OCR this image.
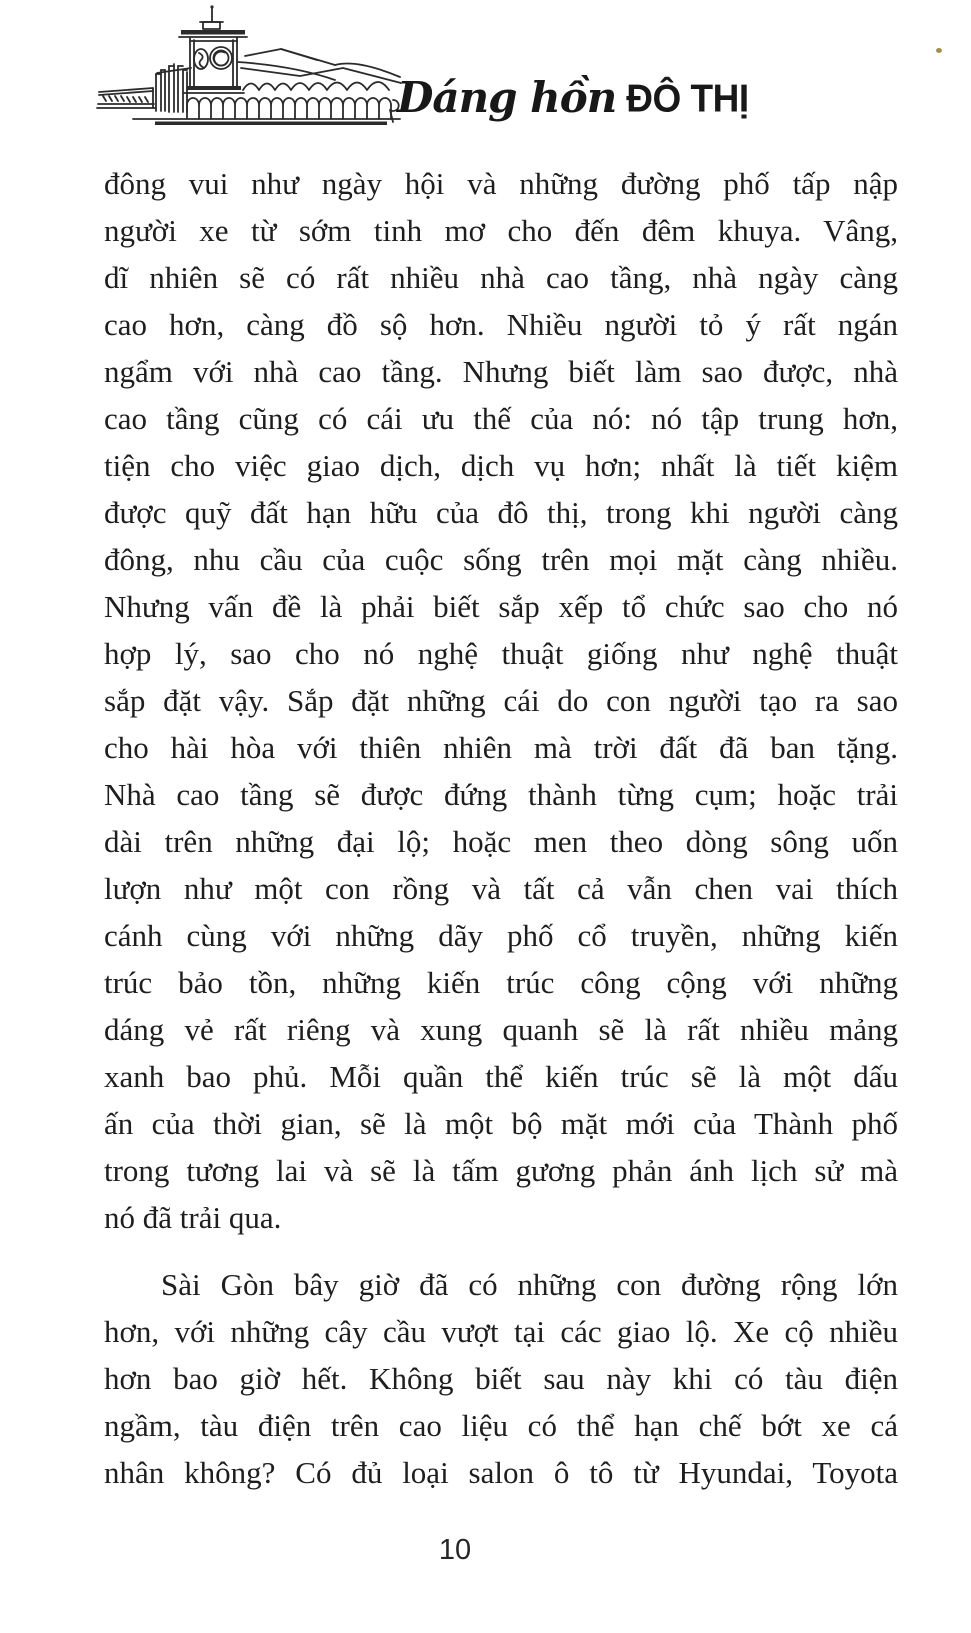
Dáng hồn ĐÔ THỊ
đông vui như ngày hội và những đường phố tấp nập
người xe từ sớm tinh mơ cho đến đêm khuya. Vâng,
dĩ nhiên sẽ có rất nhiều nhà cao tầng, nhà ngày càng
cao hơn, càng đồ sộ hơn. Nhiều người tỏ ý rất ngán
ngẩm với nhà cao tầng. Nhưng biết làm sao được, nhà
cao tầng cũng có cái ưu thế của nó: nó tập trung hơn,
tiện cho việc giao dịch, dịch vụ hơn; nhất là tiết kiệm
được quỹ đất hạn hữu của đô thị, trong khi người càng
đông, nhu cầu của cuộc sống trên mọi mặt càng nhiều.
Nhưng vấn đề là phải biết sắp xếp tổ chức sao cho nó
hợp lý, sao cho nó nghệ thuật giống như nghệ thuật
sắp đặt vậy. Sắp đặt những cái do con người tạo ra sao
cho hài hòa với thiên nhiên mà trời đất đã ban tặng.
Nhà cao tầng sẽ được đứng thành từng cụm; hoặc trải
dài trên những đại lộ; hoặc men theo dòng sông uốn
lượn như một con rồng và tất cả vẫn chen vai thích
cánh cùng với những dãy phố cổ truyền, những kiến
trúc bảo tồn, những kiến trúc công cộng với những
dáng vẻ rất riêng và xung quanh sẽ là rất nhiều mảng
xanh bao phủ. Mỗi quần thể kiến trúc sẽ là một dấu
ấn của thời gian, sẽ là một bộ mặt mới của Thành phố
trong tương lai và sẽ là tấm gương phản ánh lịch sử mà
nó đã trải qua.
Sài Gòn bây giờ đã có những con đường rộng lớn
hơn, với những cây cầu vượt tại các giao lộ. Xe cộ nhiều
hơn bao giờ hết. Không biết sau này khi có tàu điện
ngầm, tàu điện trên cao liệu có thể hạn chế bớt xe cá
nhân không? Có đủ loại salon ô tô từ Hyundai, Toyota
10
